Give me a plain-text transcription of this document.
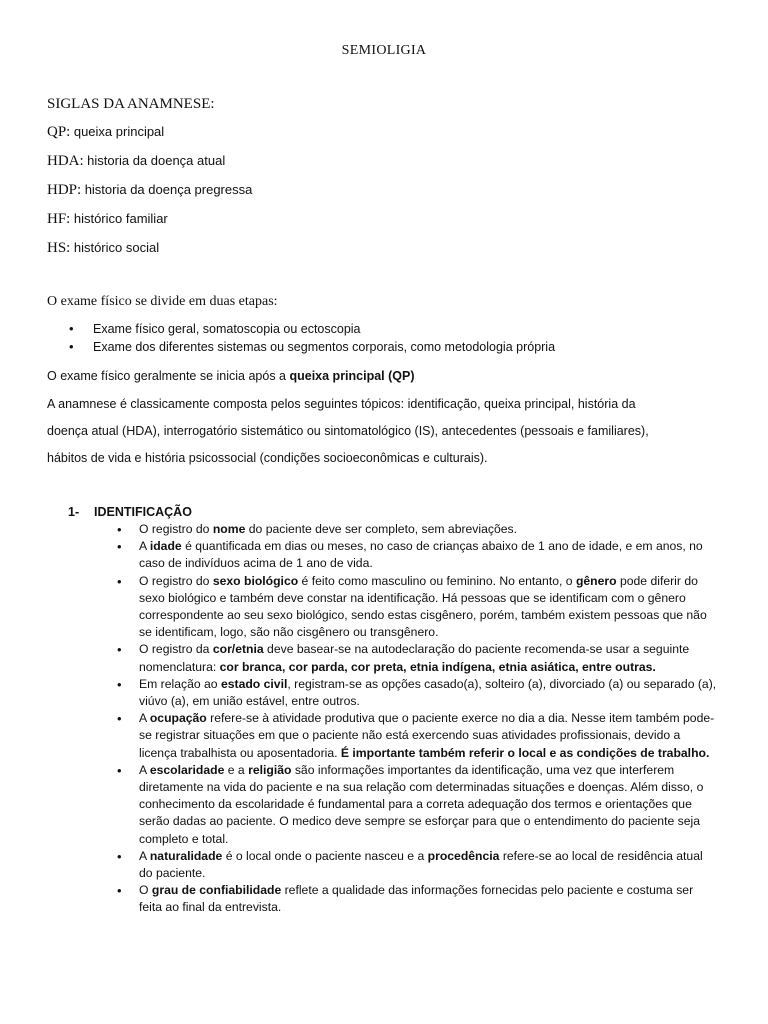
SEMIOLIGIA
SIGLAS DA ANAMNESE:
QP: queixa principal
HDA: historia da doença atual
HDP: historia da doença pregressa
HF: histórico familiar
HS: histórico social
O exame físico se divide em duas etapas:
• Exame físico geral, somatoscopia ou ectoscopia
• Exame dos diferentes sistemas ou segmentos corporais, como metodologia própria
O exame físico geralmente se inicia após a queixa principal (QP)
A anamnese é classicamente composta pelos seguintes tópicos: identificação, queixa principal, história da
doença atual (HDA), interrogatório sistemático ou sintomatológico (IS), antecedentes (pessoais e familiares),
hábitos de vida e história psicossocial (condições socioeconômicas e culturais).
1- IDENTIFICAÇÃO
• O registro do nome do paciente deve ser completo, sem abreviações.
• A idade é quantificada em dias ou meses, no caso de crianças abaixo de 1 ano de idade, e em anos, no caso de indivíduos acima de 1 ano de vida.
• O registro do sexo biológico é feito como masculino ou feminino. No entanto, o gênero pode diferir do sexo biológico e também deve constar na identificação. Há pessoas que se identificam com o gênero correspondente ao seu sexo biológico, sendo estas cisgênero, porém, também existem pessoas que não se identificam, logo, são não cisgênero ou transgênero.
• O registro da cor/etnia deve basear-se na autodeclaração do paciente recomenda-se usar a seguinte nomenclatura: cor branca, cor parda, cor preta, etnia indígena, etnia asiática, entre outras.
• Em relação ao estado civil, registram-se as opções casado(a), solteiro (a), divorciado (a) ou separado (a), viúvo (a), em união estável, entre outros.
• A ocupação refere-se à atividade produtiva que o paciente exerce no dia a dia. Nesse item também pode-se registrar situações em que o paciente não está exercendo suas atividades profissionais, devido a licença trabalhista ou aposentadoria. É importante também referir o local e as condições de trabalho.
• A escolaridade e a religião são informações importantes da identificação, uma vez que interferem diretamente na vida do paciente e na sua relação com determinadas situações e doenças. Além disso, o conhecimento da escolaridade é fundamental para a correta adequação dos termos e orientações que serão dadas ao paciente. O medico deve sempre se esforçar para que o entendimento do paciente seja completo e total.
• A naturalidade é o local onde o paciente nasceu e a procedência refere-se ao local de residência atual do paciente.
• O grau de confiabilidade reflete a qualidade das informações fornecidas pelo paciente e costuma ser feita ao final da entrevista.
